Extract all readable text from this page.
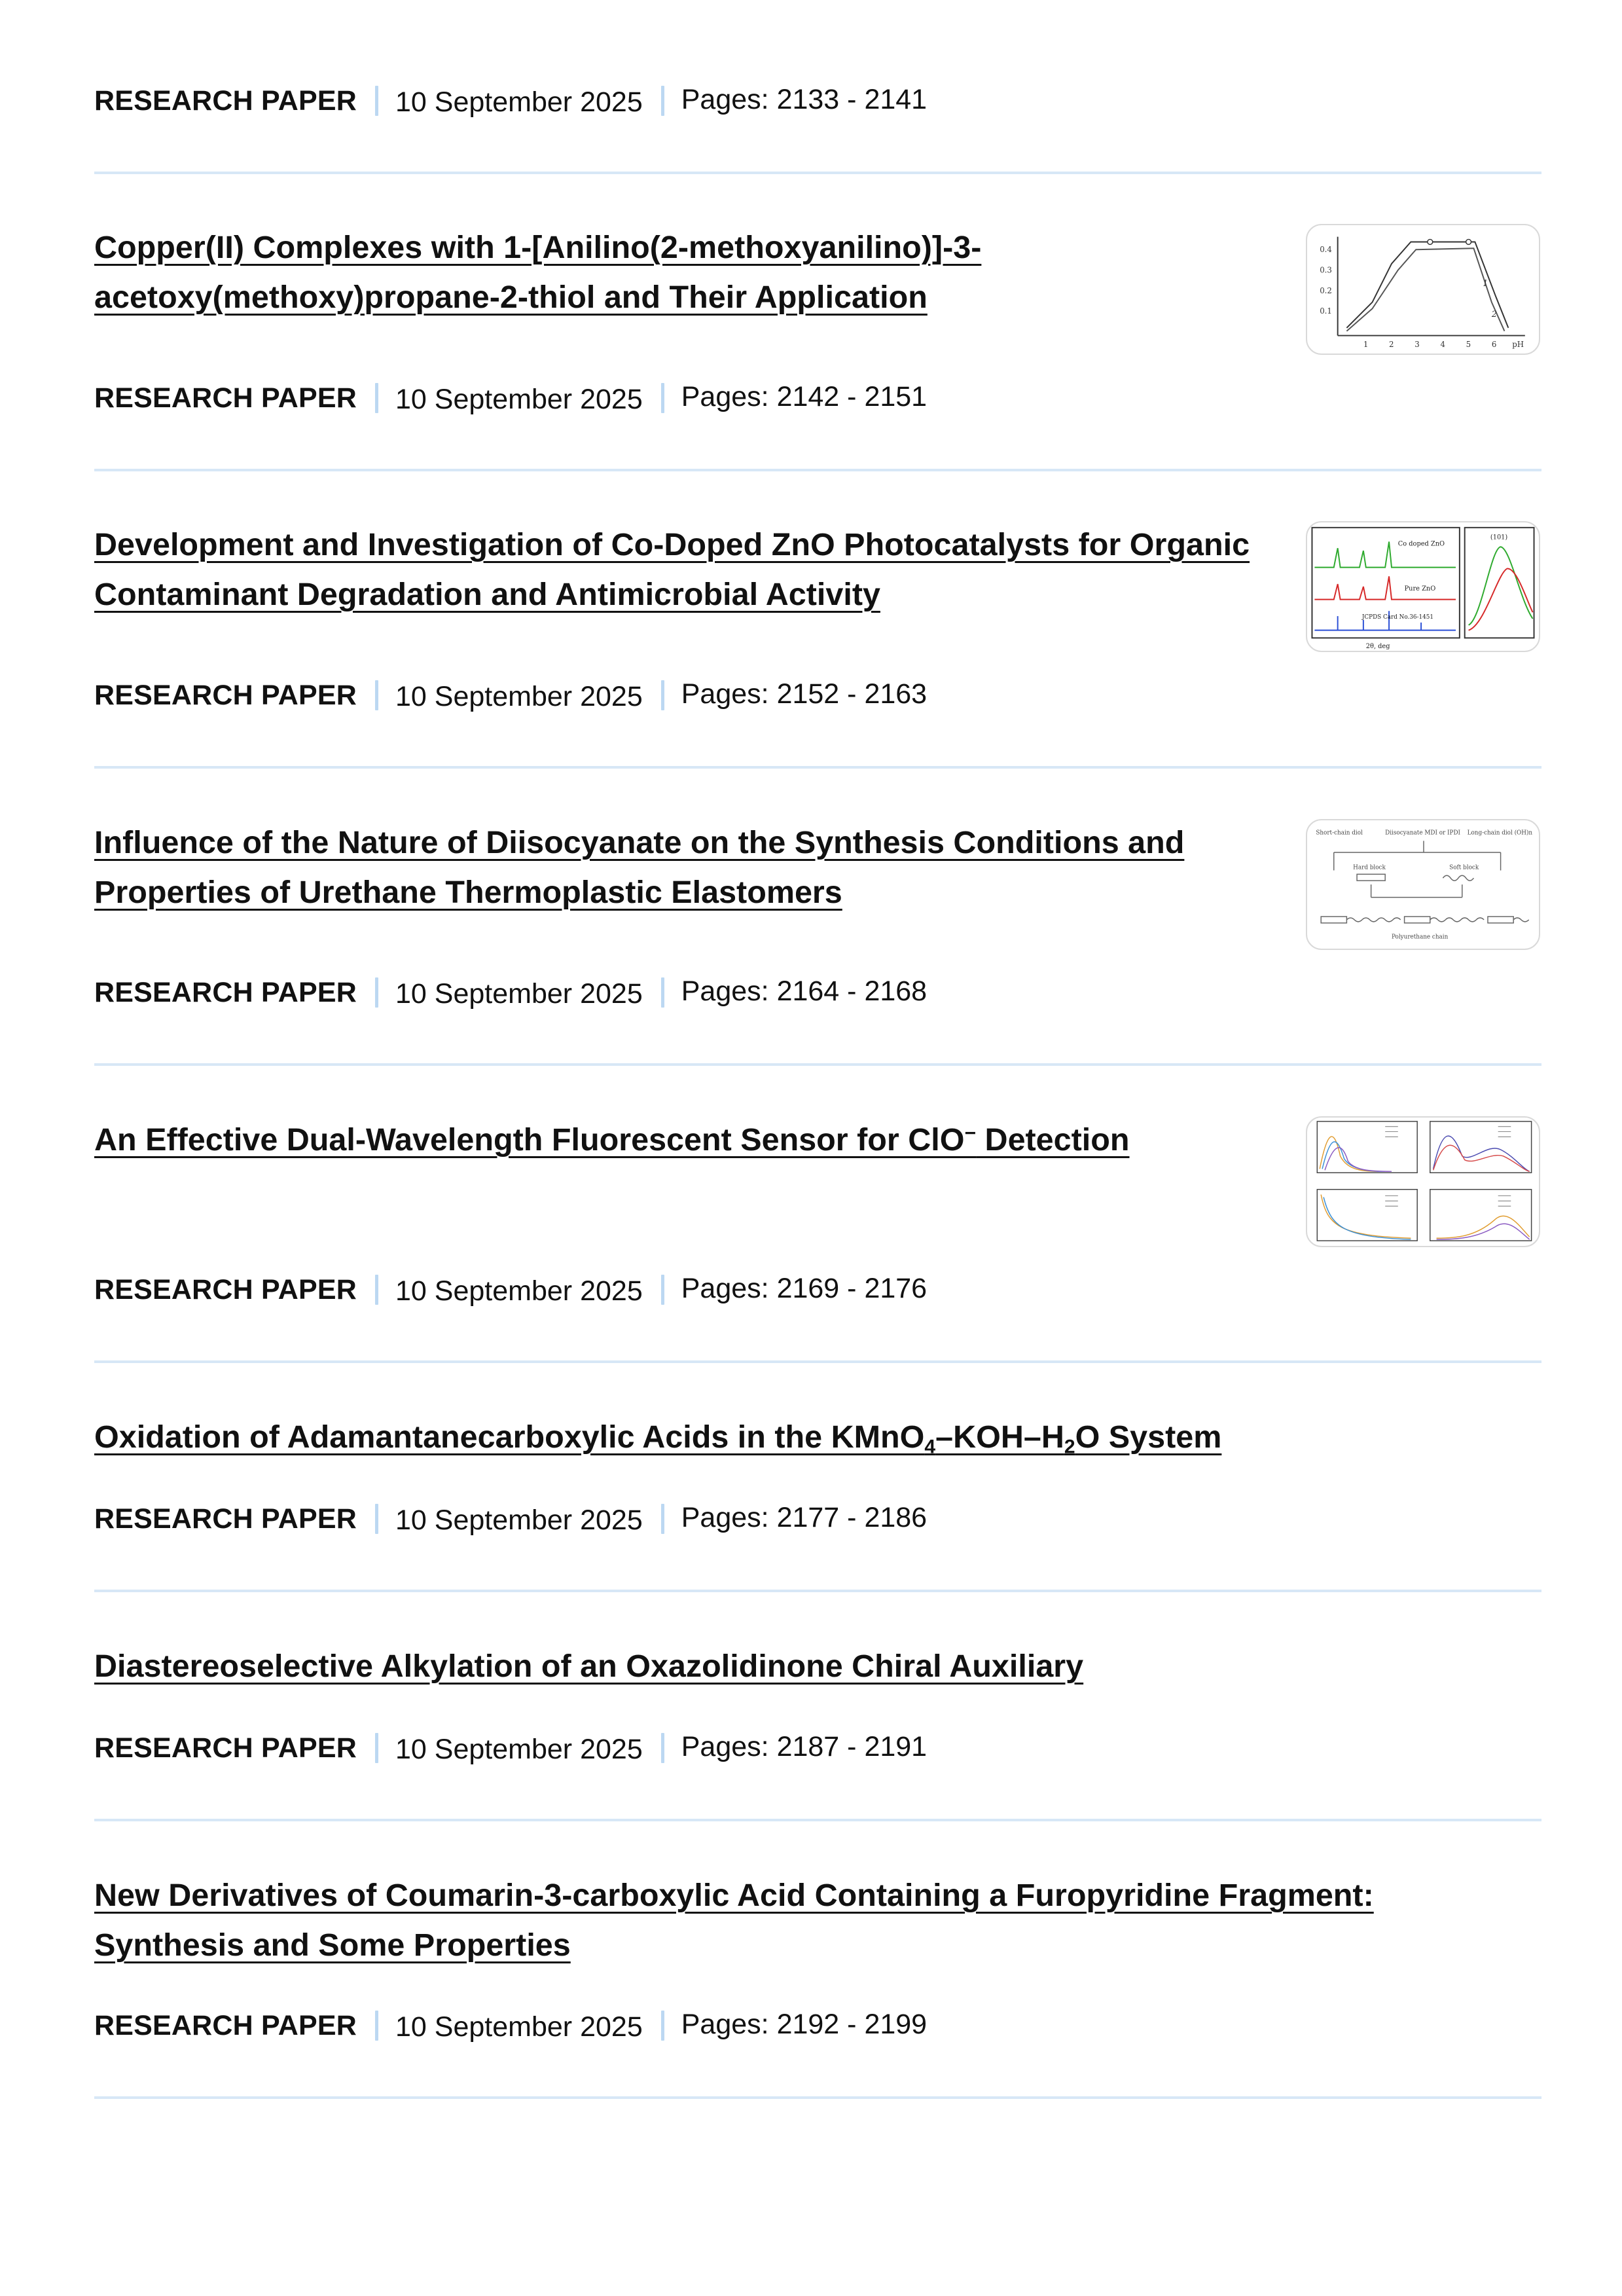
RESEARCH PAPER 10 September 2025 Pages: 2133 - 2141
Copper(II) Complexes with 1-[Anilino(2-methoxyanilino)]-3-acetoxy(methoxy)propane-2-thiol and Their Application
0.4
0.3
0.2
0.1
1	2	3	4	5	6 pH
1
2
RESEARCH PAPER 10 September 2025 Pages: 2142 - 2151
Development and Investigation of Co-Doped ZnO Photocatalysts for Organic Contaminant Degradation and Antimicrobial Activity
Co doped ZnO
Pure ZnO
JCPDS Card No.36-1451
(101)
2θ, deg
RESEARCH PAPER 10 September 2025 Pages: 2152 - 2163
Influence of the Nature of Diisocyanate on the Synthesis Conditions and Properties of Urethane Thermoplastic Elastomers
Short-chain diol	Diisocyanate MDI or IPDI Long-chain diol (OH)n
Hard block	Soft block
Polyurethane chain
RESEARCH PAPER 10 September 2025 Pages: 2164 - 2168
An Effective Dual-Wavelength Fluorescent Sensor for ClO− Detection
RESEARCH PAPER 10 September 2025 Pages: 2169 - 2176
Oxidation of Adamantanecarboxylic Acids in the $KMnO_4-KOH-H_2O$ System
RESEARCH PAPER 10 September 2025 Pages: 2177 - 2186
Diastereoselective Alkylation of an Oxazolidinone Chiral Auxiliary
RESEARCH PAPER 10 September 2025 Pages: 2187 - 2191
New Derivatives of Coumarin-3-carboxylic Acid Containing a Furopyridine Fragment: Synthesis and Some Properties
RESEARCH PAPER 10 September 2025 Pages: 2192 - 2199
